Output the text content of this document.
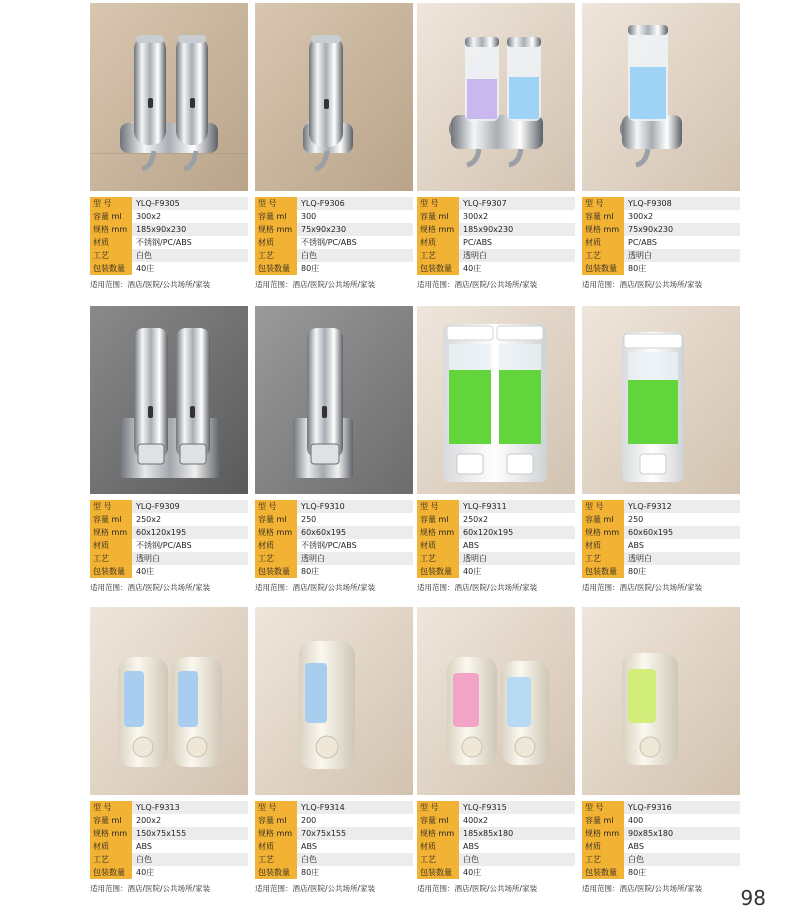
型 号	YLQ-F9305
容量 ml	300x2
规格 mm	185x90x230
材质	不锈钢/PC/ABS
工艺	白色
包装数量	40庄
适用范围：酒店/医院/公共场所/家装
型 号	YLQ-F9306
容量 ml	300
规格 mm	75x90x230
材质	不锈钢/PC/ABS
工艺	白色
包装数量	80庄
适用范围：酒店/医院/公共场所/家装
型 号	YLQ-F9307
容量 ml	300x2
规格 mm	185x90x230
材质	PC/ABS
工艺	透明白
包装数量	40庄
适用范围：酒店/医院/公共场所/家装
型 号	YLQ-F9308
容量 ml	300x2
规格 mm	75x90x230
材质	PC/ABS
工艺	透明白
包装数量	80庄
适用范围：酒店/医院/公共场所/家装
型 号	YLQ-F9309
容量 ml	250x2
规格 mm	60x120x195
材质	不锈钢/PC/ABS
工艺	透明白
包装数量	40庄
适用范围：酒店/医院/公共场所/家装
型 号	YLQ-F9310
容量 ml	250
规格 mm	60x60x195
材质	不锈钢/PC/ABS
工艺	透明白
包装数量	80庄
适用范围：酒店/医院/公共场所/家装
型 号	YLQ-F9311
容量 ml	250x2
规格 mm	60x120x195
材质	ABS
工艺	透明白
包装数量	40庄
适用范围：酒店/医院/公共场所/家装
型 号	YLQ-F9312
容量 ml	250
规格 mm	60x60x195
材质	ABS
工艺	透明白
包装数量	80庄
适用范围：酒店/医院/公共场所/家装
型 号	YLQ-F9313
容量 ml	200x2
规格 mm	150x75x155
材质	ABS
工艺	白色
包装数量	40庄
适用范围：酒店/医院/公共场所/家装
型 号	YLQ-F9314
容量 ml	200
规格 mm	70x75x155
材质	ABS
工艺	白色
包装数量	80庄
适用范围：酒店/医院/公共场所/家装
型 号	YLQ-F9315
容量 ml	400x2
规格 mm	185x85x180
材质	ABS
工艺	白色
包装数量	40庄
适用范围：酒店/医院/公共场所/家装
型 号	YLQ-F9316
容量 ml	400
规格 mm	90x85x180
材质	ABS
工艺	白色
包装数量	80庄
适用范围：酒店/医院/公共场所/家装	98
